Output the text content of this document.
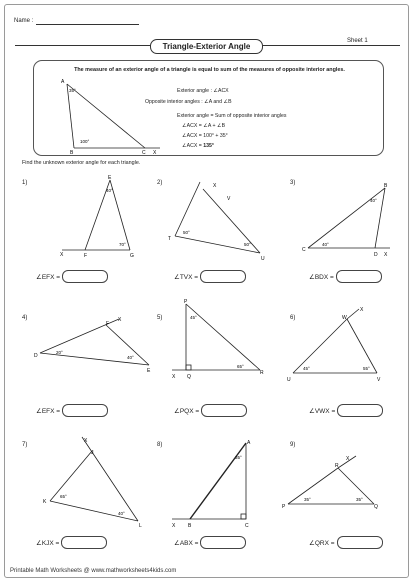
Name :
Triangle-Exterior Angle
Sheet 1
The measure of an exterior angle of a triangle is equal to sum of the measures of opposite interior angles.
Exterior angle : ∠ACX
Opposite interior angles : ∠A and ∠B
Exterior angle = Sum of opposite interior angles
∠ACX = ∠A + ∠B
∠ACX = 100° + 35°
∠ACX = 135°
A
35°
B
100°
C X
Find the unknown exterior angle for each triangle.
1)
E
F	G
X
40°
70°
∠EFX =
2)	X
V
T
U
50°
50°
∠TVX =
3)	B
C
D X
40°
40°
∠BDX =
4)	X
F
D
E
20°
40°
∠EFX =
5)
P
X Q
R
45°
65°
∠PQX =
6)
X
W
U	V
45°	55°
∠VWX =
7)
X
J
K
L
65°
40°
∠KJX =
8)	A
X	B	C
35°
∠ABX =
9)
X
R
P	Q
35°	35°
∠QRX =
Printable Math Worksheets @ www.mathworksheets4kids.com
